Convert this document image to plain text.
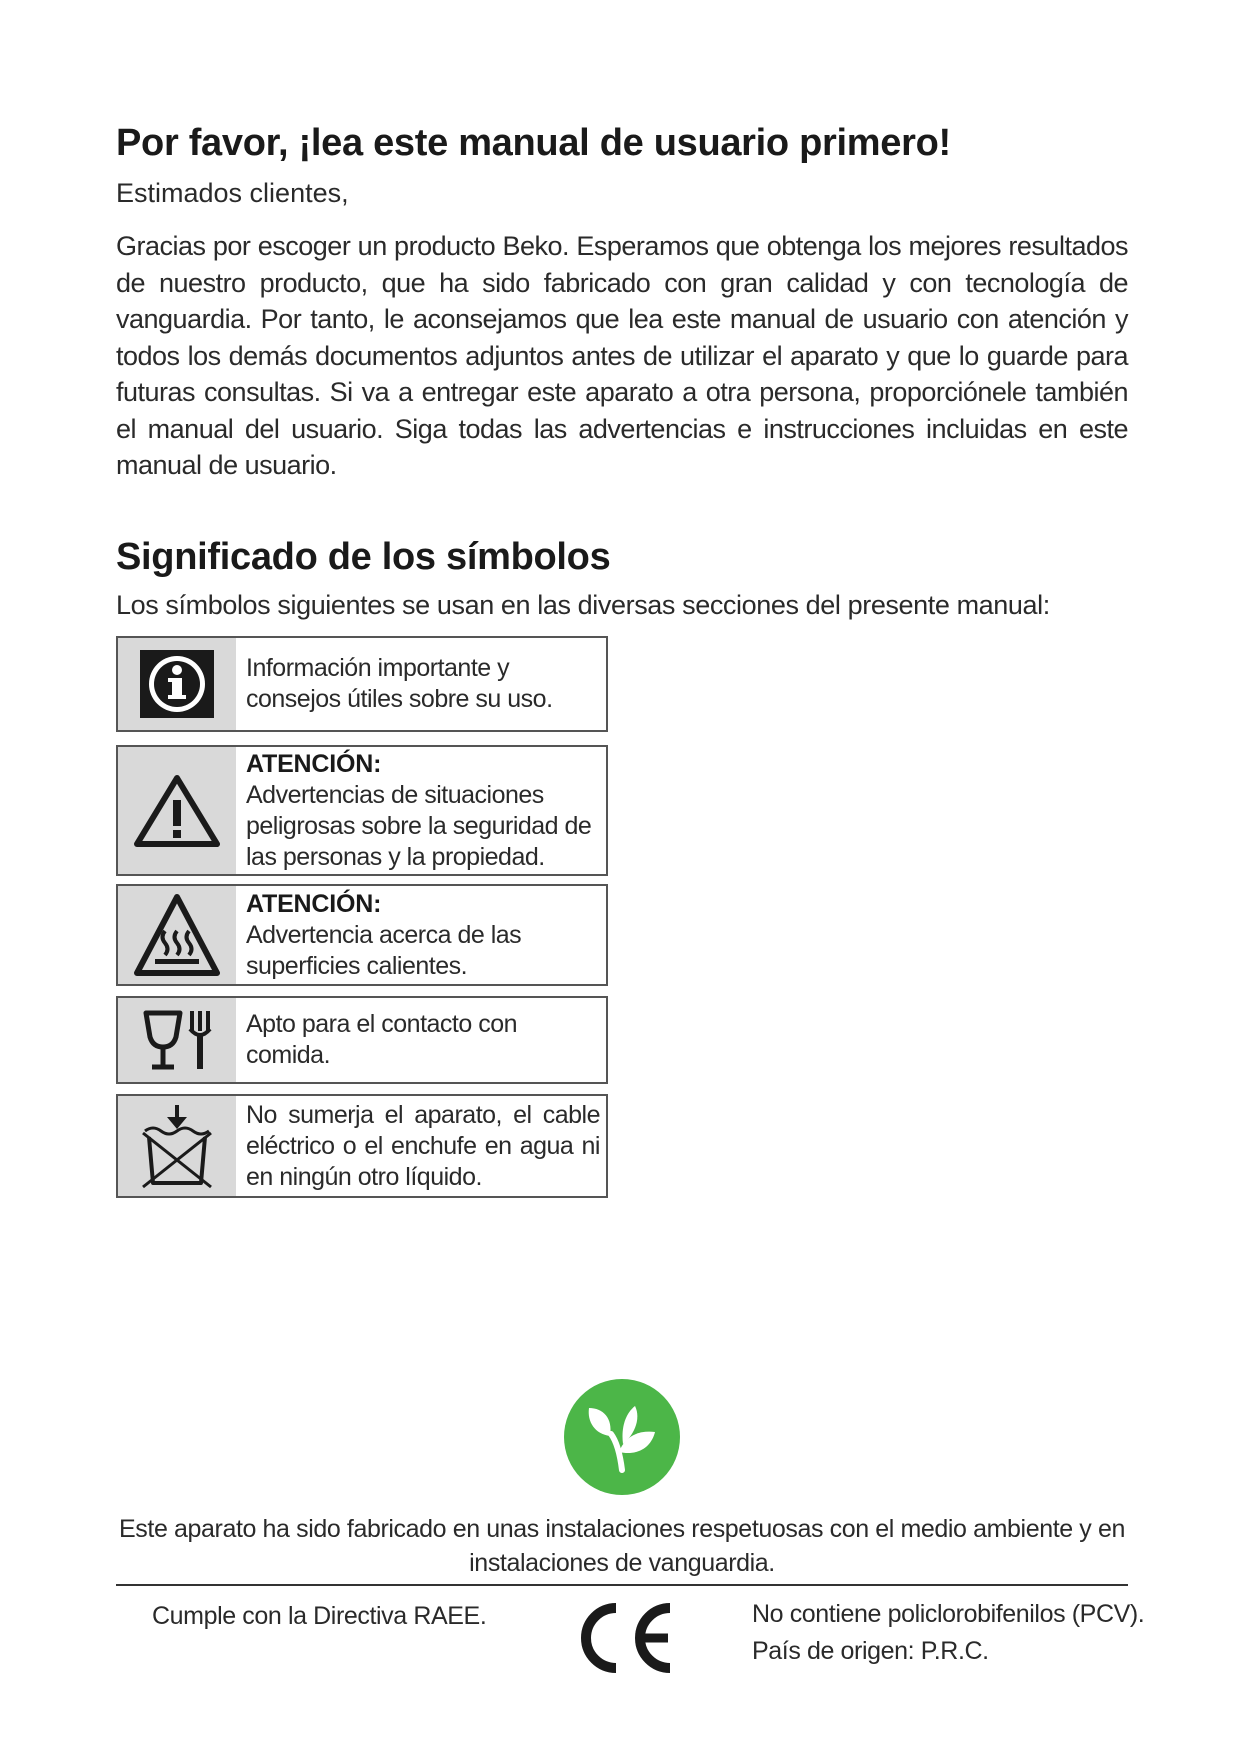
Por favor, ¡lea este manual de usuario primero!
Estimados clientes,

Gracias por escoger un producto Beko. Esperamos que obtenga los mejores resultados de nuestro producto, que ha sido fabricado con gran calidad y con tecnología de vanguardia. Por tanto, le aconsejamos que lea este manual de usuario con atención y todos los demás documentos adjuntos antes de utilizar el aparato y que lo guarde para futuras consultas. Si va a entregar este aparato a otra persona, proporciónele también el manual del usuario. Siga todas las advertencias e instrucciones incluidas en este manual de usuario.

Significado de los símbolos
Los símbolos siguientes se usan en las diversas secciones del presente manual:
Información importante y consejos útiles sobre su uso.
ATENCIÓN:
Advertencias de situaciones peligrosas sobre la seguridad de las personas y la propiedad.
ATENCIÓN:
Advertencia acerca de las superficies calientes.
Apto para el contacto con comida.
No sumerja el aparato, el cable eléctrico o el enchufe en agua ni en ningún otro líquido.
Este aparato ha sido fabricado en unas instalaciones respetuosas con el medio ambiente y en
instalaciones de vanguardia.
Cumple con la Directiva RAEE.	No contiene policlorobifenilos (PCV).
País de origen: P.R.C.
